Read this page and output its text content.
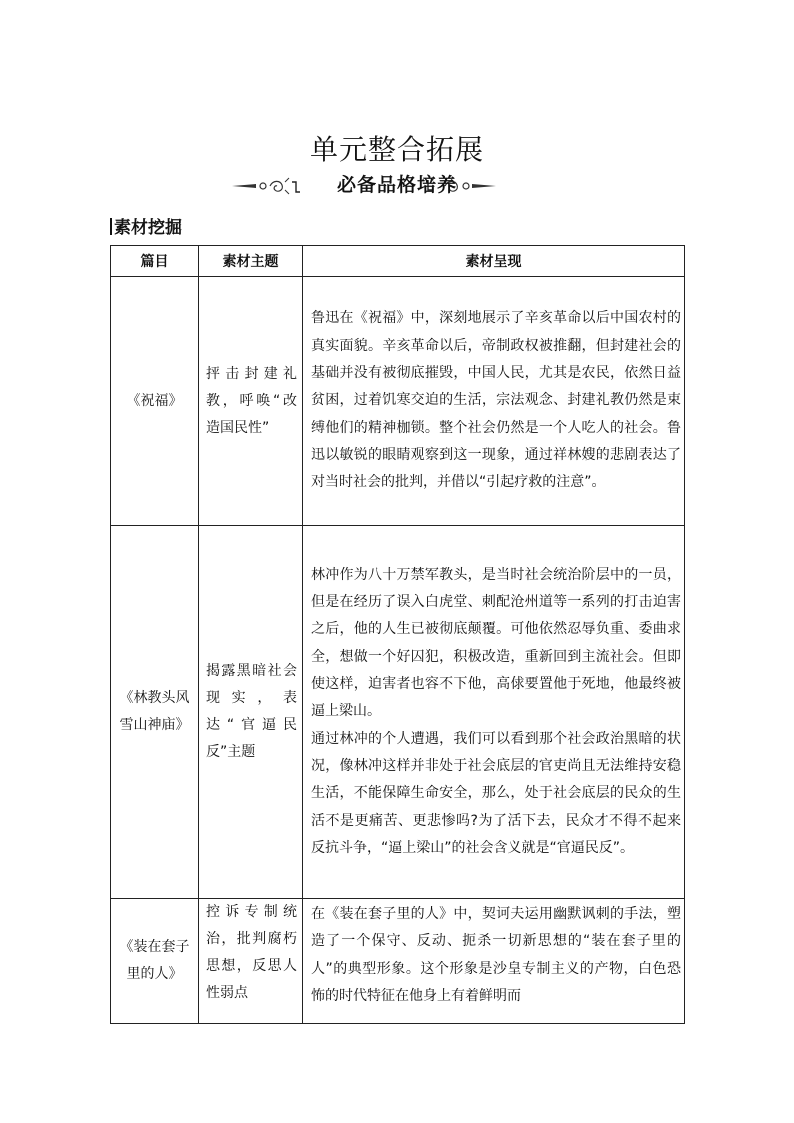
单元整合拓展
必备品格培养
素材挖掘
篇目	素材主题	素材呈现
《祝福》	抨击封建礼教，呼唤“改造国民性”	鲁迅在《祝福》中，深刻地展示了辛亥革命以后中国农村的真实面貌。辛亥革命以后，帝制政权被推翻，但封建社会的基础并没有被彻底摧毁，中国人民，尤其是农民，依然日益贫困，过着饥寒交迫的生活，宗法观念、封建礼教仍然是束缚他们的精神枷锁。整个社会仍然是一个人吃人的社会。鲁迅以敏锐的眼睛观察到这一现象，通过祥林嫂的悲剧表达了对当时社会的批判，并借以“引起疗救的注意”。

《林教头风雪山神庙》	揭露黑暗社会现实，表达“官逼民反”主题	林冲作为八十万禁军教头，是当时社会统治阶层中的一员，但是在经历了误入白虎堂、刺配沧州道等一系列的打击迫害之后，他的人生已被彻底颠覆。可他依然忍辱负重、委曲求全，想做一个好囚犯，积极改造，重新回到主流社会。但即使这样，迫害者也容不下他，高俅要置他于死地，他最终被逼上梁山。

通过林冲的个人遭遇，我们可以看到那个社会政治黑暗的状况，像林冲这样并非处于社会底层的官吏尚且无法维持安稳生活，不能保障生命安全，那么，处于社会底层的民众的生活不是更痛苦、更悲惨吗?为了活下去，民众才不得不起来反抗斗争，“逼上梁山”的社会含义就是“官逼民反”。

《装在套子里的人》	控诉专制统治，批判腐朽思想，反思人性弱点	在《装在套子里的人》中，契诃夫运用幽默讽刺的手法，塑造了一个保守、反动、扼杀一切新思想的“装在套子里的人”的典型形象。这个形象是沙皇专制主义的产物，白色恐怖的时代特征在他身上有着鲜明而
